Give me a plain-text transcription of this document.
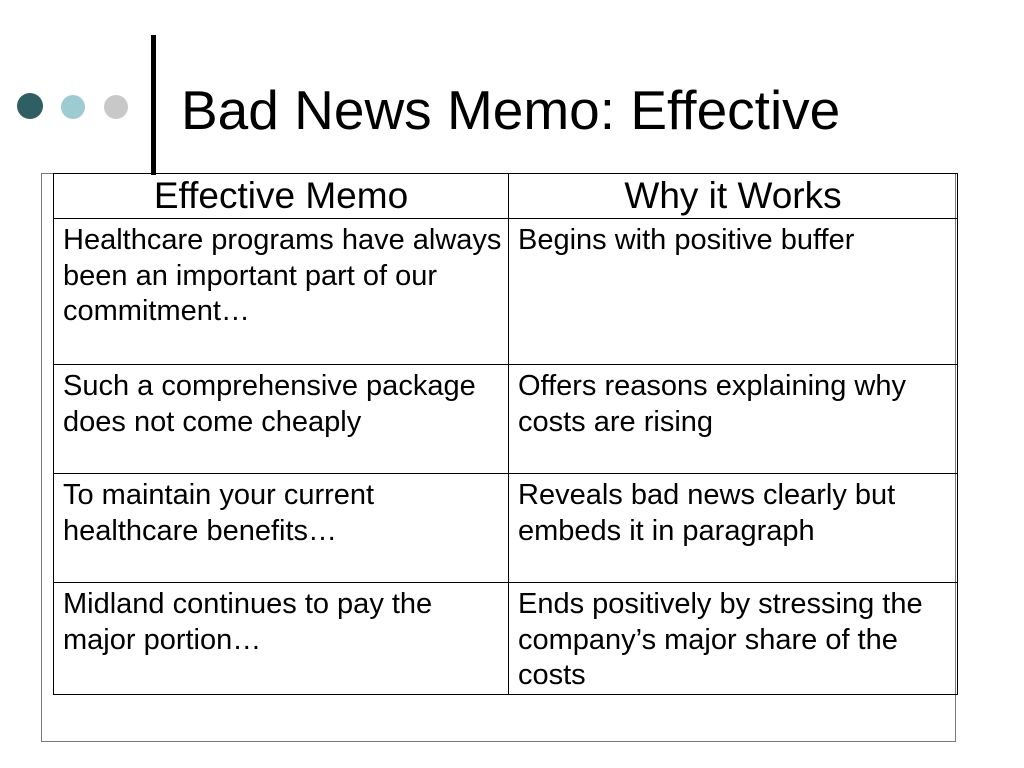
Bad News Memo: Effective
Effective Memo	Why it Works
Healthcare programs have always been an important part of our commitment…	Begins with positive buffer
Such a comprehensive package does not come cheaply	Offers reasons explaining why costs are rising
To maintain your current healthcare benefits…	Reveals bad news clearly but embeds it in paragraph
Midland continues to pay the major portion…	Ends positively by stressing the company’s major share of the costs
